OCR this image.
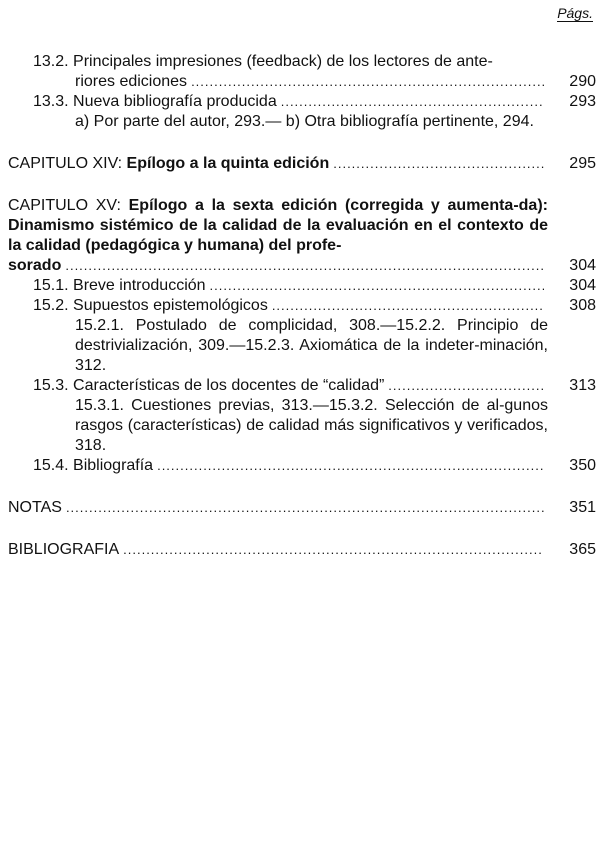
Págs.
13.2. Principales impresiones (feedback) de los lectores de ante-
riores ediciones .....	290
13.3. Nueva bibliografía producida .....	293
a) Por parte del autor, 293.— b) Otra bibliografía pertinente, 294.
CAPITULO XIV: Epílogo a la quinta edición .....	295
CAPITULO XV: Epílogo a la sexta edición (corregida y aumenta-da): Dinamismo sistémico de la calidad de la evaluación en el contexto de la calidad (pedagógica y humana) del profe-
sorado .....	304
15.1. Breve introducción .....	304
15.2. Supuestos epistemológicos .....	308
15.2.1. Postulado de complicidad, 308.—15.2.2. Principio de destrivialización, 309.—15.2.3. Axiomática de la indeter-minación, 312.
15.3. Características de los docentes de “calidad” .....	313
15.3.1. Cuestiones previas, 313.—15.3.2. Selección de al-gunos rasgos (características) de calidad más significativos y verificados, 318.
15.4. Bibliografía .....	350
NOTAS .....	351
BIBLIOGRAFIA .....	365
